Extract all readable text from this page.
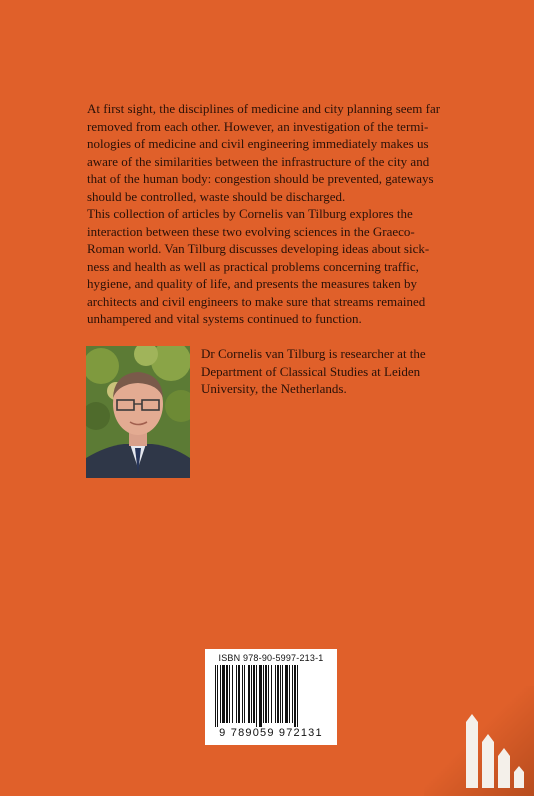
At first sight, the disciplines of medicine and city planning seem far

removed from each other. However, an investigation of the termi-

nologies of medicine and civil engineering immediately makes us

aware of the similarities between the infrastructure of the city and

that of the human body: congestion should be prevented, gateways

should be controlled, waste should be discharged.

This collection of articles by Cornelis van Tilburg explores the

interaction between these two evolving sciences in the Graeco-

Roman world. Van Tilburg discusses developing ideas about sick-

ness and health as well as practical problems concerning traffic,

hygiene, and quality of life, and presents the measures taken by

architects and civil engineers to make sure that streams remained

unhampered and vital systems continued to function.

Dr Cornelis van Tilburg is researcher at the
Department of Classical Studies at Leiden
University, the Netherlands.
ISBN 978-90-5997-213-1
9 789059 972131
